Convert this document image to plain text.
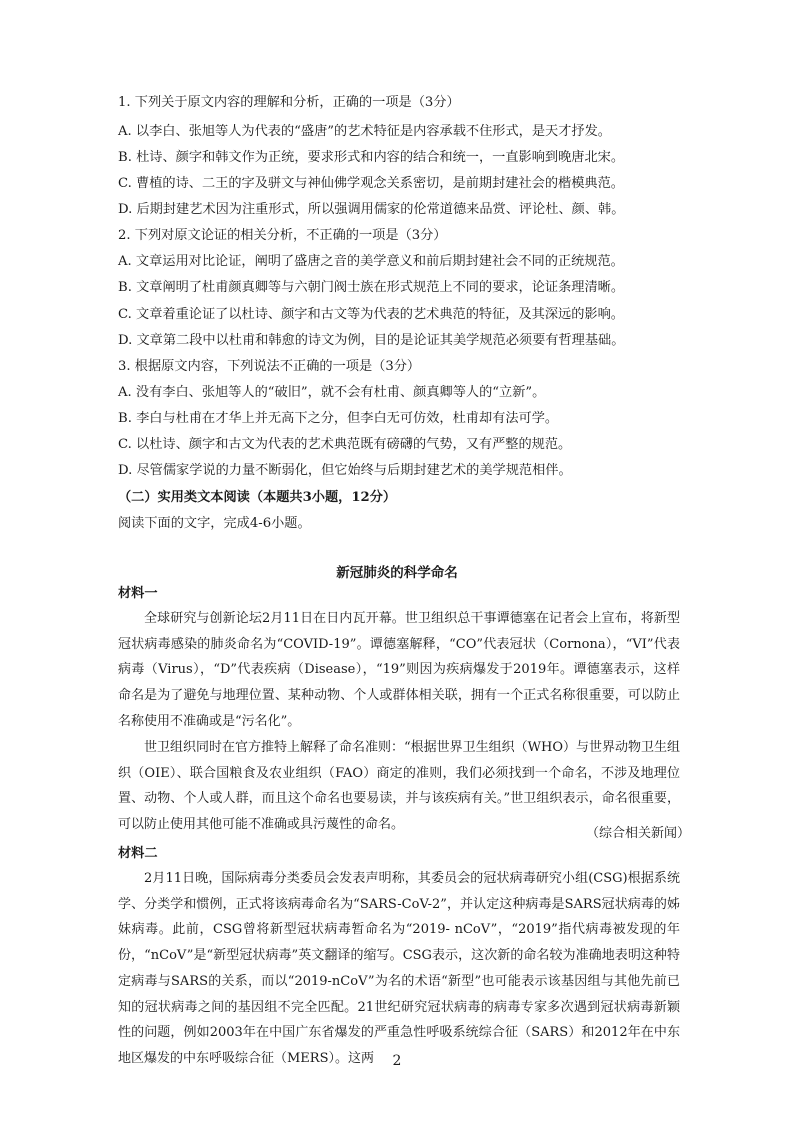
1. 下列关于原文内容的理解和分析，正确的一项是（3分）
A. 以李白、张旭等人为代表的“盛唐”的艺术特征是内容承载不住形式，是天才抒发。
B. 杜诗、颜字和韩文作为正统，要求形式和内容的结合和统一，一直影响到晚唐北宋。
C. 曹植的诗、二王的字及骈文与神仙佛学观念关系密切，是前期封建社会的楷模典范。
D. 后期封建艺术因为注重形式，所以强调用儒家的伦常道德来品赏、评论杜、颜、韩。
2. 下列对原文论证的相关分析，不正确的一项是（3分）
A. 文章运用对比论证，阐明了盛唐之音的美学意义和前后期封建社会不同的正统规范。
B. 文章阐明了杜甫颜真卿等与六朝门阀士族在形式规范上不同的要求，论证条理清晰。
C. 文章着重论证了以杜诗、颜字和古文等为代表的艺术典范的特征，及其深远的影响。
D. 文章第二段中以杜甫和韩愈的诗文为例，目的是论证其美学规范必须要有哲理基础。
3. 根据原文内容，下列说法不正确的一项是（3分）
A. 没有李白、张旭等人的“破旧”，就不会有杜甫、颜真卿等人的“立新”。
B. 李白与杜甫在才华上并无高下之分，但李白无可仿效，杜甫却有法可学。
C. 以杜诗、颜字和古文为代表的艺术典范既有磅礴的气势，又有严整的规范。
D. 尽管儒家学说的力量不断弱化，但它始终与后期封建艺术的美学规范相伴。
（二）实用类文本阅读（本题共3小题，12分）
阅读下面的文字，完成4-6小题。
新冠肺炎的科学命名
材料一

全球研究与创新论坛2月11日在日内瓦开幕。世卫组织总干事谭德塞在记者会上宣布，将新型冠状病毒感染的肺炎命名为“COVID-19”。谭德塞解释，“CO”代表冠状（Cornona），“VI”代表病毒（Virus），“D”代表疾病（Disease），“19”则因为疾病爆发于2019年。谭德塞表示，这样命名是为了避免与地理位置、某种动物、个人或群体相关联，拥有一个正式名称很重要，可以防止名称使用不准确或是“污名化”。

世卫组织同时在官方推特上解释了命名准则：“根据世界卫生组织（WHO）与世界动物卫生组织（OIE）、联合国粮食及农业组织（FAO）商定的准则，我们必须找到一个命名，不涉及地理位置、动物、个人或人群，而且这个命名也要易读，并与该疾病有关。”世卫组织表示，命名很重要，可以防止使用其他可能不准确或具污蔑性的命名。

（综合相关新闻）
材料二

2月11日晚，国际病毒分类委员会发表声明称，其委员会的冠状病毒研究小组(CSG)根据系统学、分类学和惯例，正式将该病毒命名为“SARS-CoV-2”，并认定这种病毒是SARS冠状病毒的姊妹病毒。此前，CSG曾将新型冠状病毒暂命名为“2019- nCoV”，“2019”指代病毒被发现的年份，“nCoV”是“新型冠状病毒”英文翻译的缩写。CSG表示，这次新的命名较为准确地表明这种特定病毒与SARS的关系，而以“2019-nCoV”为名的术语“新型”也可能表示该基因组与其他先前已知的冠状病毒之间的基因组不完全匹配。21世纪研究冠状病毒的病毒专家多次遇到冠状病毒新颖性的问题，例如2003年在中国广东省爆发的严重急性呼吸系统综合征（SARS）和2012年在中东地区爆发的中东呼吸综合征（MERS）。这两	2
